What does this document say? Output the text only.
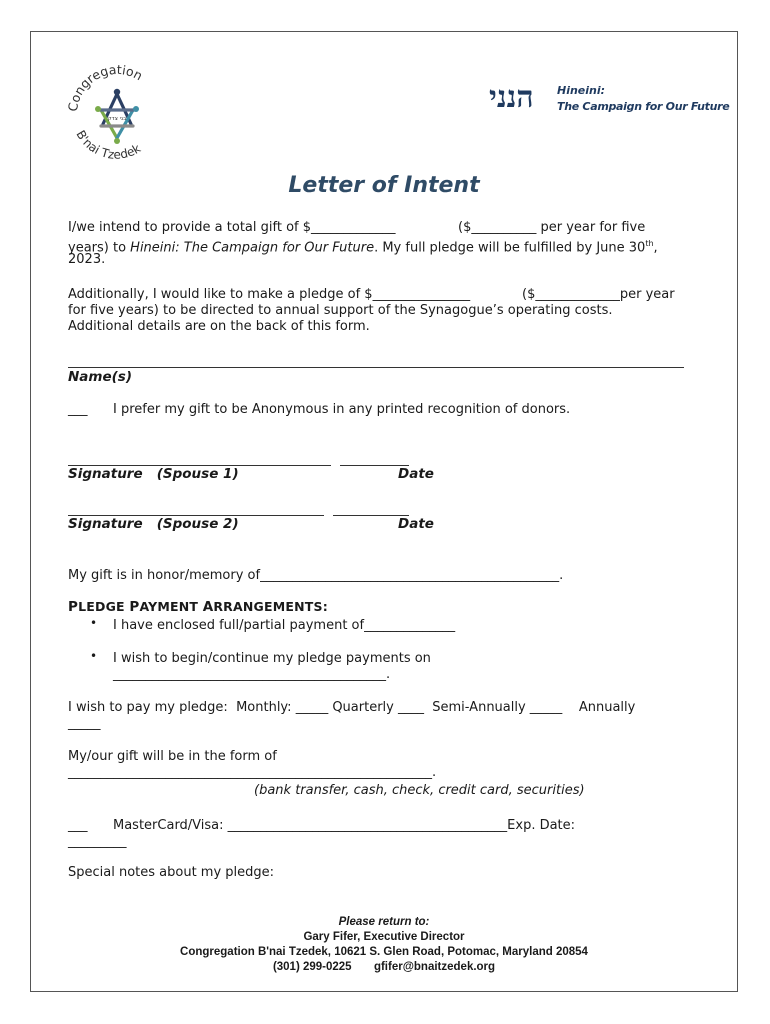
Congregation
B'nai Tzedek
בני צדק
הנני Hineini:
The Campaign for Our Future
Letter of Intent
I/we intend to provide a total gift of $_____________	($__________ per year for five
years) to Hineini: The Campaign for Our Future. My full pledge will be fulfilled by June 30th,
2023.
Additionally, I would like to make a pledge of $_______________	($_____________per year
for five years) to be directed to annual support of the Synagogue’s operating costs.
Additional details are on the back of this form.
Name(s)
___ I prefer my gift to be Anonymous in any printed recognition of donors.
Signature   (Spouse 1)	Date
Signature   (Spouse 2)	Date
My gift is in honor/memory of______________________________________________.
PLEDGE PAYMENT ARRANGEMENTS:
• I have enclosed full/partial payment of______________
• I wish to begin/continue my pledge payments on
__________________________________________.
I wish to pay my pledge:  Monthly: _____ Quarterly ____  Semi-Annually _____    Annually
_____
My/our gift will be in the form of
________________________________________________________.
(bank transfer, cash, check, credit card, securities)
___ MasterCard/Visa: ___________________________________________Exp. Date:
_________
Special notes about my pledge:
Please return to:
Gary Fifer, Executive Director
Congregation B'nai Tzedek, 10621 S. Glen Road, Potomac, Maryland 20854
(301) 299-0225       gfifer@bnaitzedek.org
